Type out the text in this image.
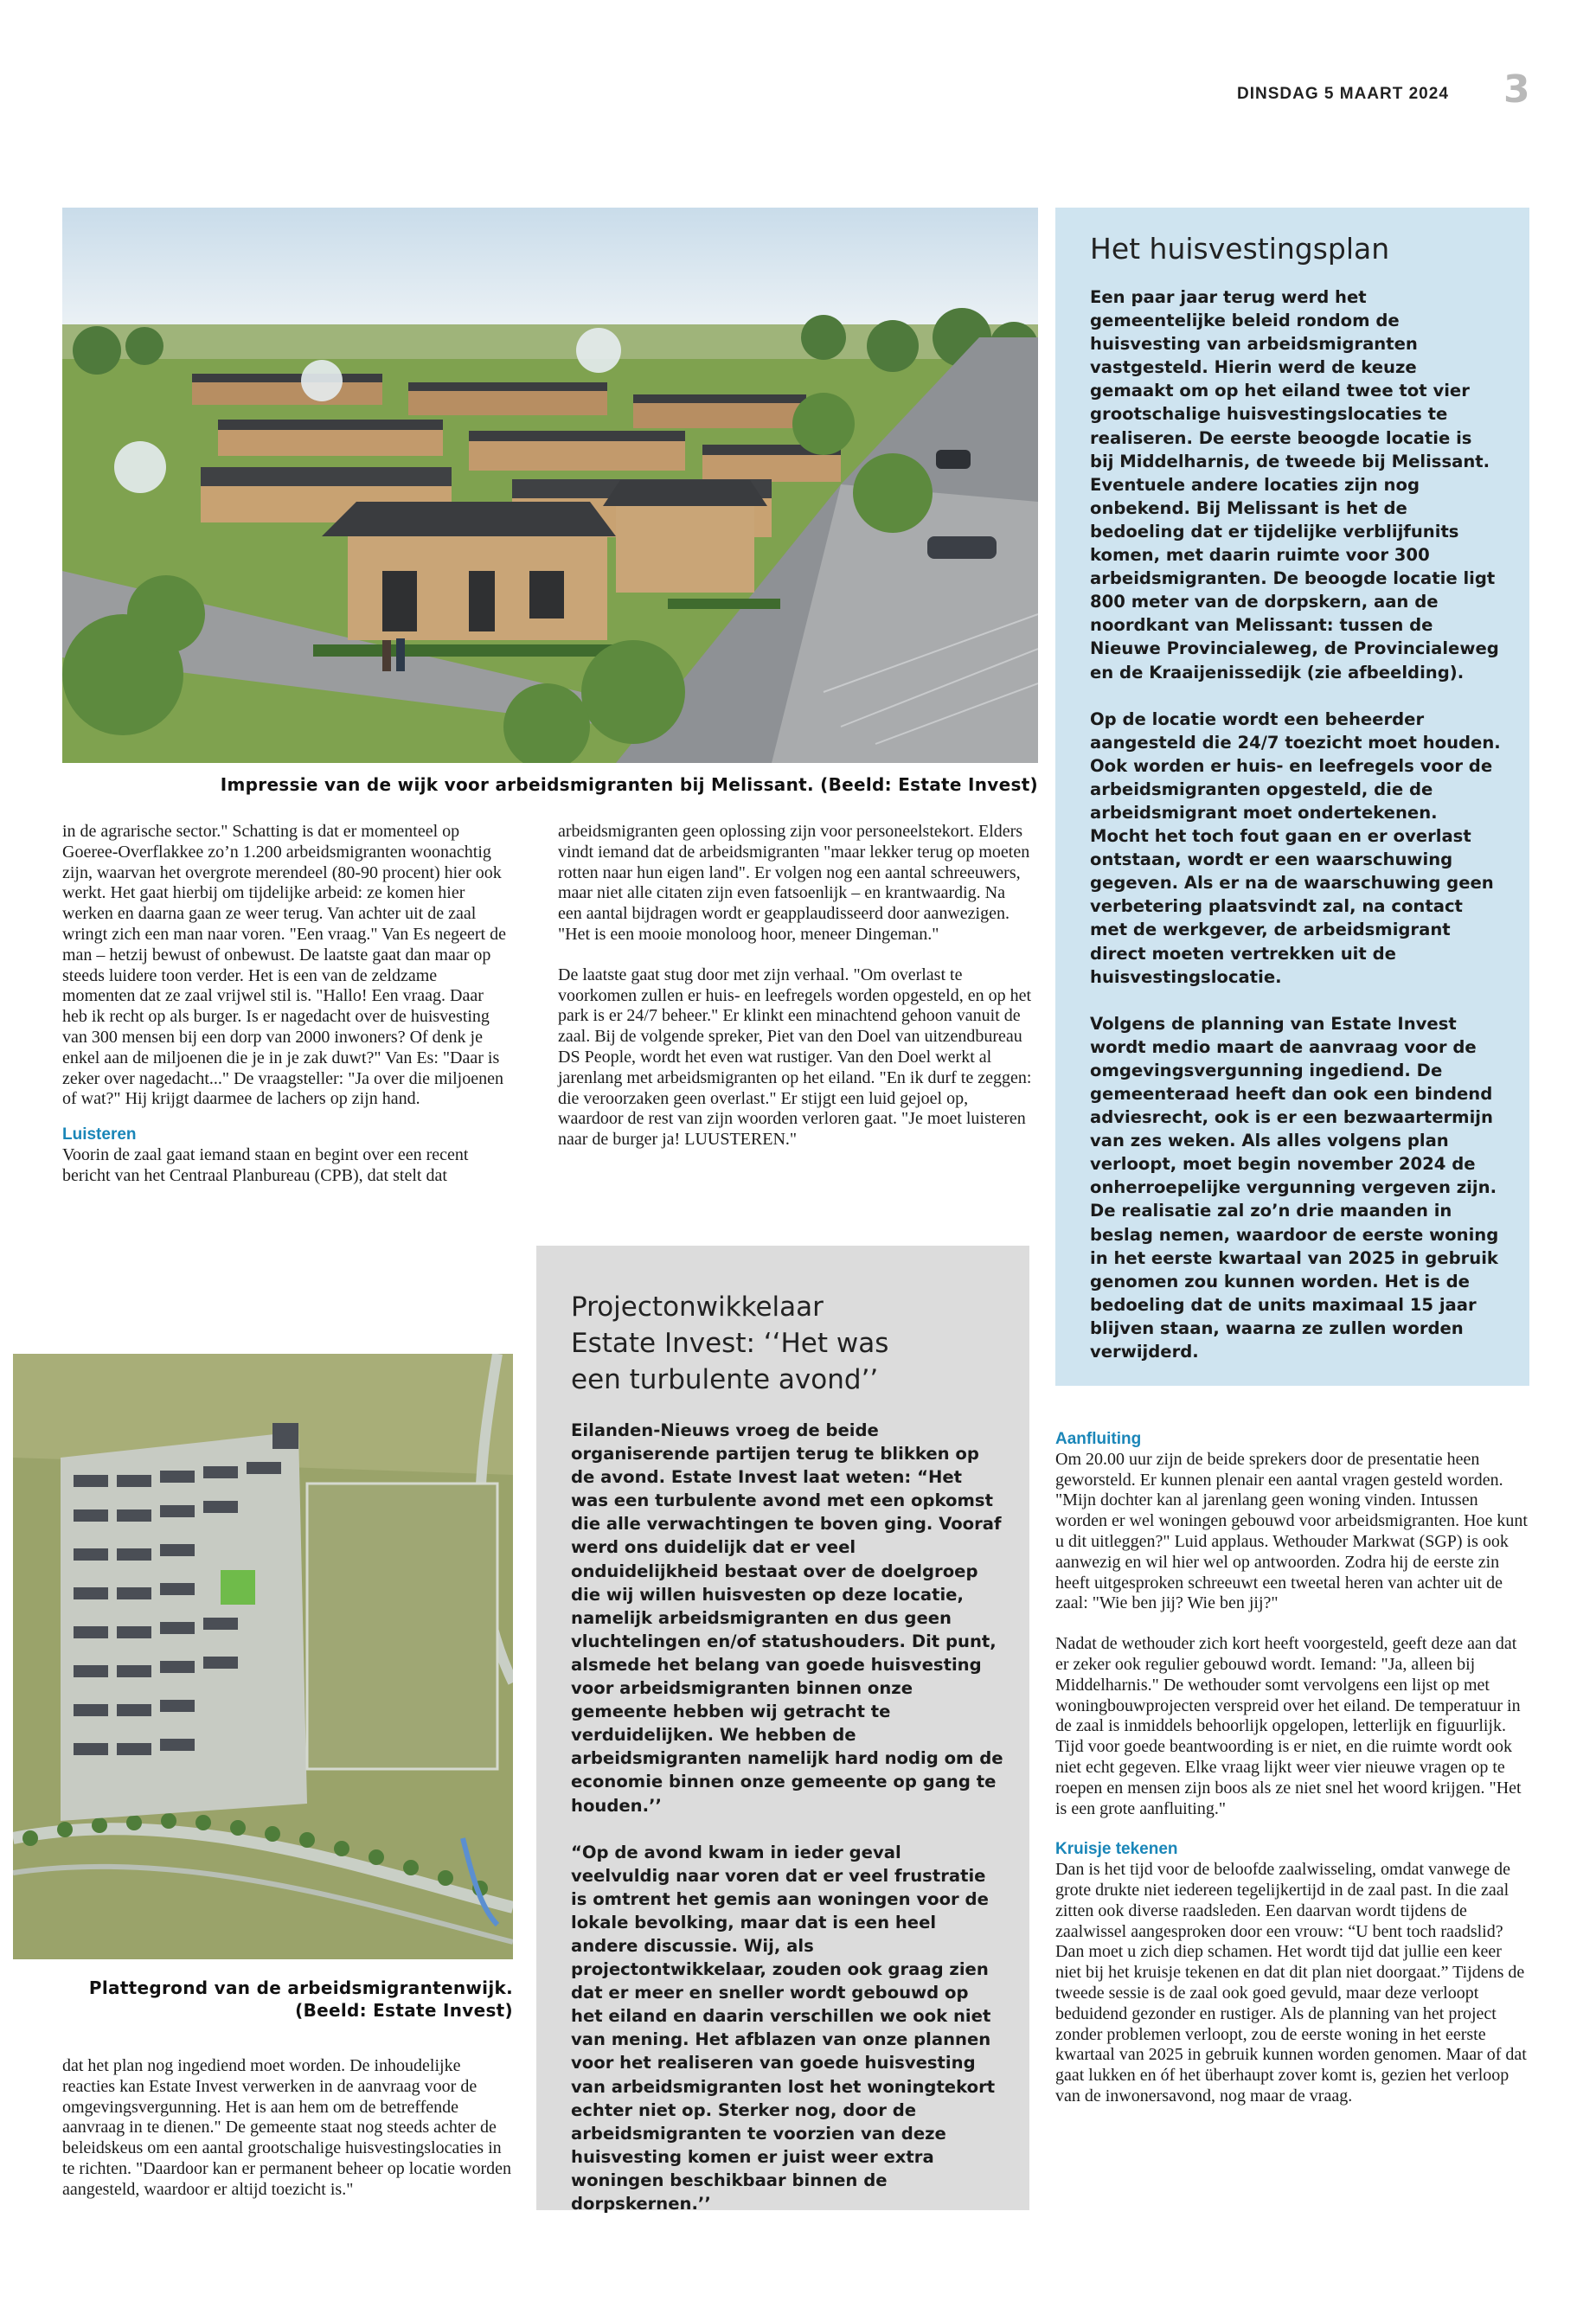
DINSDAG 5 MAART 2024 3
Impressie van de wijk voor arbeidsmigranten bij Melissant. (Beeld: Estate Invest)

in de agrarische sector." Schatting is dat er momenteel op Goeree-Overflakkee zo’n 1.200 arbeidsmigranten woonachtig zijn, waarvan het overgrote merendeel (80-90 procent) hier ook werkt. Het gaat hierbij om tijdelijke arbeid: ze komen hier werken en daarna gaan ze weer terug. Van achter uit de zaal wringt zich een man naar voren. "Een vraag." Van Es negeert de man – hetzij bewust of onbewust. De laatste gaat dan maar op steeds luidere toon verder. Het is een van de zeldzame momenten dat ze zaal vrijwel stil is. "Hallo! Een vraag. Daar heb ik recht op als burger. Is er nagedacht over de huisvesting van 300 mensen bij een dorp van 2000 inwoners? Of denk je enkel aan de miljoenen die je in je zak duwt?" Van Es: "Daar is zeker over nagedacht..." De vraagsteller: "Ja over die miljoenen of wat?" Hij krijgt daarmee de lachers op zijn hand.

Luisteren
Voorin de zaal gaat iemand staan en begint over een recent bericht van het Centraal Planbureau (CPB), dat stelt dat

arbeidsmigranten geen oplossing zijn voor personeelstekort. Elders vindt iemand dat de arbeidsmigranten "maar lekker terug op moeten rotten naar hun eigen land". Er volgen nog een aantal schreeuwers, maar niet alle citaten zijn even fatsoenlijk – en krantwaardig. Na een aantal bijdragen wordt er geapplaudisseerd door aanwezigen. "Het is een mooie monoloog hoor, meneer Dingeman."

De laatste gaat stug door met zijn verhaal. "Om overlast te voorkomen zullen er huis- en leefregels worden opgesteld, en op het park is er 24/7 beheer." Er klinkt een minachtend gehoon vanuit de zaal. Bij de volgende spreker, Piet van den Doel van uitzendbureau DS People, wordt het even wat rustiger. Van den Doel werkt al jarenlang met arbeidsmigranten op het eiland. "En ik durf te zeggen: die veroorzaken geen overlast." Er stijgt een luid gejoel op, waardoor de rest van zijn woorden verloren gaat. "Je moet luisteren naar de burger ja! LUUSTEREN."

Het huisvestingsplan

Een paar jaar terug werd het gemeentelijke beleid rondom de huisvesting van arbeidsmigranten vastgesteld. Hierin werd de keuze gemaakt om op het eiland twee tot vier grootschalige huisvestingslocaties te realiseren. De eerste beoogde locatie is bij Middelharnis, de tweede bij Melissant. Eventuele andere locaties zijn nog onbekend. Bij Melissant is het de bedoeling dat er tijdelijke verblijfunits komen, met daarin ruimte voor 300 arbeidsmigranten. De beoogde locatie ligt 800 meter van de dorpskern, aan de noordkant van Melissant: tussen de Nieuwe Provincialeweg, de Provincialeweg en de Kraaijenissedijk (zie afbeelding).

Op de locatie wordt een beheerder aangesteld die 24/7 toezicht moet houden. Ook worden er huis- en leefregels voor de arbeidsmigranten opgesteld, die de arbeidsmigrant moet ondertekenen. Mocht het toch fout gaan en er overlast ontstaan, wordt er een waarschuwing gegeven. Als er na de waarschuwing geen verbetering plaatsvindt zal, na contact met de werkgever, de arbeidsmigrant direct moeten vertrekken uit de huisvestingslocatie.

Volgens de planning van Estate Invest wordt medio maart de aanvraag voor de omgevingsvergunning ingediend. De gemeenteraad heeft dan ook een bindend adviesrecht, ook is er een bezwaartermijn van zes weken. Als alles volgens plan verloopt, moet begin november 2024 de onherroepelijke vergunning vergeven zijn. De realisatie zal zo’n drie maanden in beslag nemen, waardoor de eerste woning in het eerste kwartaal van 2025 in gebruik genomen zou kunnen worden. Het is de bedoeling dat de units maximaal 15 jaar blijven staan, waarna ze zullen worden verwijderd.

Plattegrond van de arbeidsmigrantenwijk.
(Beeld: Estate Invest)

dat het plan nog ingediend moet worden. De inhoudelijke reacties kan Estate Invest verwerken in de aanvraag voor de omgevingsvergunning. Het is aan hem om de betreffende aanvraag in te dienen." De gemeente staat nog steeds achter de beleidskeus om een aantal grootschalige huisvestingslocaties in te richten. "Daardoor kan er permanent beheer op locatie worden aangesteld, waardoor er altijd toezicht is."

Projectonwikkelaar
Estate Invest: ‘‘Het was
een turbulente avond’’

Eilanden-Nieuws vroeg de beide organiserende partijen terug te blikken op de avond. Estate Invest laat weten: “Het was een turbulente avond met een opkomst die alle verwachtingen te boven ging. Vooraf werd ons duidelijk dat er veel onduidelijkheid bestaat over de doelgroep die wij willen huisvesten op deze locatie, namelijk arbeidsmigranten en dus geen vluchtelingen en/of statushouders. Dit punt, alsmede het belang van goede huisvesting voor arbeidsmigranten binnen onze gemeente hebben wij getracht te verduidelijken. We hebben de arbeidsmigranten namelijk hard nodig om de economie binnen onze gemeente op gang te houden.’’

“Op de avond kwam in ieder geval veelvuldig naar voren dat er veel frustratie is omtrent het gemis aan woningen voor de lokale bevolking, maar dat is een heel andere discussie. Wij, als projectontwikkelaar, zouden ook graag zien dat er meer en sneller wordt gebouwd op het eiland en daarin verschillen we ook niet van mening. Het afblazen van onze plannen voor het realiseren van goede huisvesting van arbeidsmigranten lost het woningtekort echter niet op. Sterker nog, door de arbeidsmigranten te voorzien van deze huisvesting komen er juist weer extra woningen beschikbaar binnen de dorpskernen.’’

Aanfluiting
Om 20.00 uur zijn de beide sprekers door de presentatie heen geworsteld. Er kunnen plenair een aantal vragen gesteld worden. "Mijn dochter kan al jarenlang geen woning vinden. Intussen worden er wel woningen gebouwd voor arbeidsmigranten. Hoe kunt u dit uitleggen?" Luid applaus. Wethouder Markwat (SGP) is ook aanwezig en wil hier wel op antwoorden. Zodra hij de eerste zin heeft uitgesproken schreeuwt een tweetal heren van achter uit de zaal: "Wie ben jij? Wie ben jij?"

Nadat de wethouder zich kort heeft voorgesteld, geeft deze aan dat er zeker ook regulier gebouwd wordt. Iemand: "Ja, alleen bij Middelharnis." De wethouder somt vervolgens een lijst op met woningbouwprojecten verspreid over het eiland. De temperatuur in de zaal is inmiddels behoorlijk opgelopen, letterlijk en figuurlijk. Tijd voor goede beantwoording is er niet, en die ruimte wordt ook niet echt gegeven. Elke vraag lijkt weer vier nieuwe vragen op te roepen en mensen zijn boos als ze niet snel het woord krijgen. "Het is een grote aanfluiting."

Kruisje tekenen
Dan is het tijd voor de beloofde zaalwisseling, omdat vanwege de grote drukte niet iedereen tegelijkertijd in de zaal past. In die zaal zitten ook diverse raadsleden. Een daarvan wordt tijdens de zaalwissel aangesproken door een vrouw: “U bent toch raadslid? Dan moet u zich diep schamen. Het wordt tijd dat jullie een keer niet bij het kruisje tekenen en dat dit plan niet doorgaat.” Tijdens de tweede sessie is de zaal ook goed gevuld, maar deze verloopt beduidend gezonder en rustiger. Als de planning van het project zonder problemen verloopt, zou de eerste woning in het eerste kwartaal van 2025 in gebruik kunnen worden genomen. Maar of dat gaat lukken en óf het überhaupt zover komt is, gezien het verloop van de inwonersavond, nog maar de vraag.
